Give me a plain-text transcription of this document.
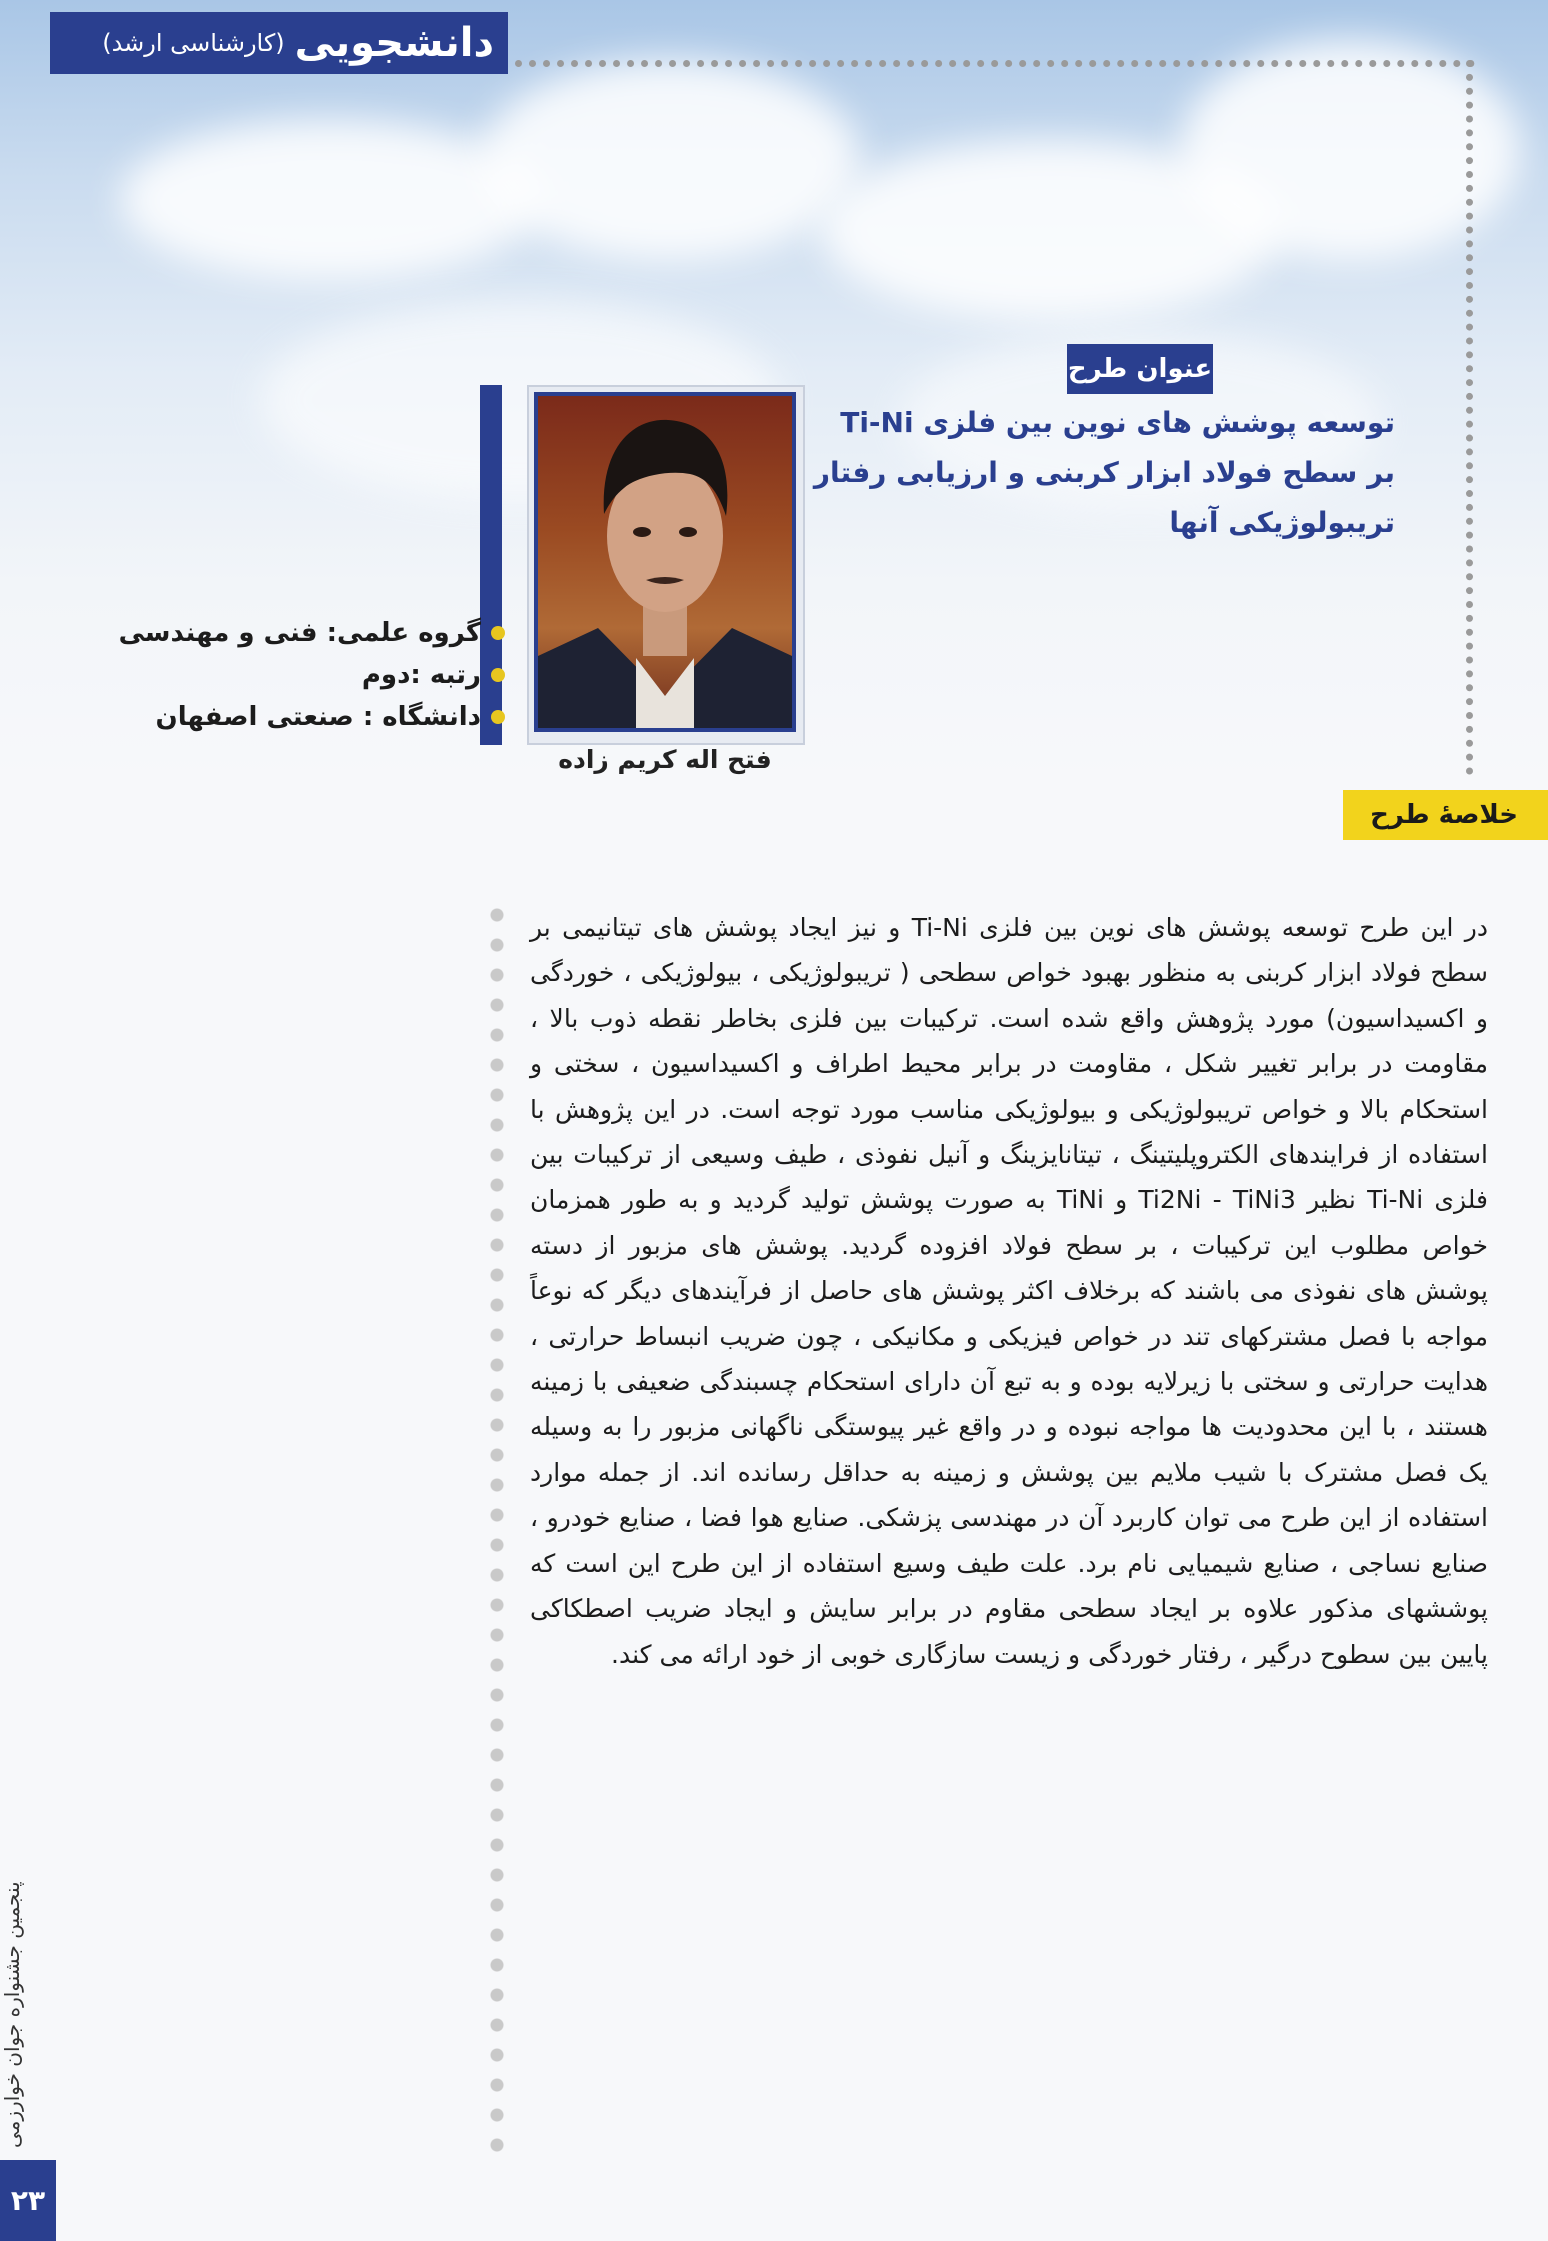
دانشجویی
(کارشناسی ارشد)
عنوان طرح
توسعه پوشش های نوین بین فلزی Ti-Ni
بر سطح فولاد ابزار کربنی و ارزیابی رفتار
تریبولوژیکی آنها
فتح اله کریم زاده
گروه علمی: فنی و مهندسی
رتبه :دوم
دانشگاه : صنعتی اصفهان
خلاصهٔ طرح
در این طرح توسعه پوشش های نوین بین فلزی Ti-Ni و نیز ایجاد پوشش های تیتانیمی بر سطح فولاد ابزار کربنی به منظور بهبود خواص سطحی ( تریبولوژیکی ، بیولوژیکی ، خوردگی و اکسیداسیون) مورد پژوهش واقع شده است. ترکیبات بین فلزی بخاطر نقطه ذوب بالا ، مقاومت در برابر تغییر شکل ، مقاومت در برابر محیط اطراف و اکسیداسیون ، سختی و استحکام بالا و خواص تریبولوژیکی و بیولوژیکی مناسب مورد توجه است. در این پژوهش با استفاده از فرایندهای الکتروپلیتینگ ، تیتانایزینگ و آنیل نفوذی ، طیف وسیعی از ترکیبات بین فلزی Ti-Ni نظیر Ti2Ni - TiNi3 و TiNi به صورت پوشش تولید گردید و به طور همزمان خواص مطلوب این ترکیبات ، بر سطح فولاد افزوده گردید. پوشش های مزبور از دسته پوشش های نفوذی می باشند که برخلاف اکثر پوشش های حاصل از فرآیندهای دیگر که نوعاً مواجه با فصل مشترکهای تند در خواص فیزیکی و مکانیکی ، چون ضریب انبساط حرارتی ، هدایت حرارتی و سختی با زیرلایه بوده و به تبع آن دارای استحکام چسبندگی ضعیفی با زمینه هستند ، با این محدودیت ها مواجه نبوده و در واقع غیر پیوستگی ناگهانی مزبور را به وسیله یک فصل مشترک با شیب ملایم بین پوشش و زمینه به حداقل رسانده اند. از جمله موارد استفاده از این طرح می توان کاربرد آن در مهندسی پزشکی. صنایع هوا فضا ، صنایع خودرو ، صنایع نساجی ، صنایع شیمیایی نام برد. علت طیف وسیع استفاده از این طرح این است که پوششهای مذکور علاوه بر ایجاد سطحی مقاوم در برابر سایش و ایجاد ضریب اصطکاکی پایین بین سطوح درگیر ، رفتار خوردگی و زیست سازگاری خوبی از خود ارائه می کند.
پنجمین جشنواره جوان خوارزمی
۲۳
